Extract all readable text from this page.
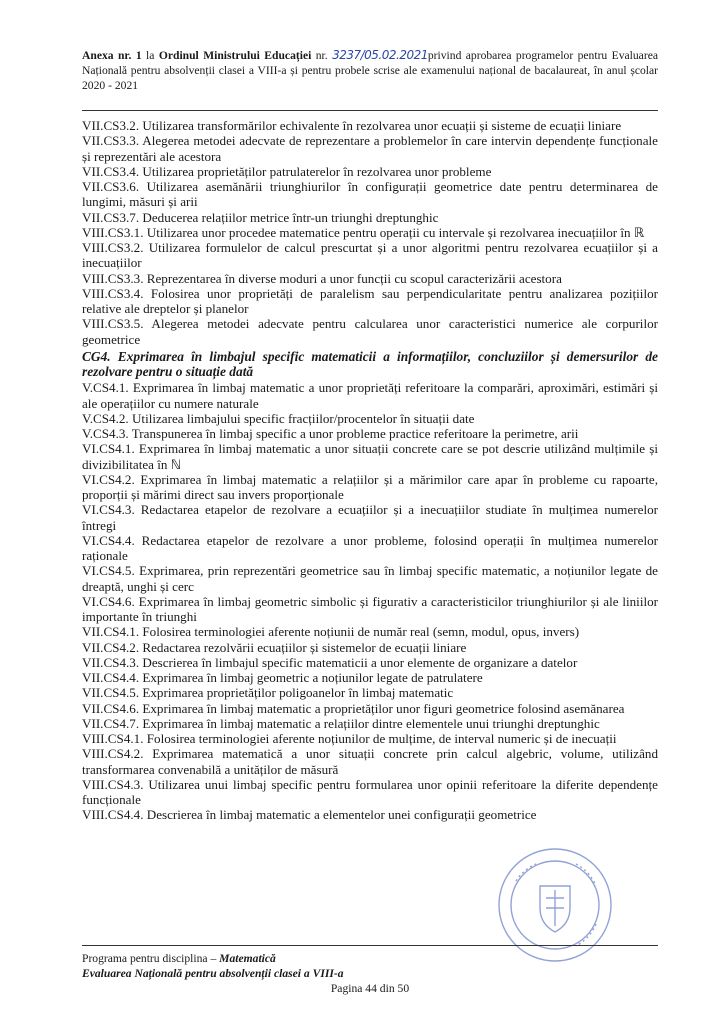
Anexa nr. 1 la Ordinul Ministrului Educației nr. 3237/05.02.2021privind aprobarea programelor pentru Evaluarea Națională pentru absolvenții clasei a VIII-a și pentru probele scrise ale examenului național de bacalaureat, în anul școlar 2020 - 2021

VII.CS3.2. Utilizarea transformărilor echivalente în rezolvarea unor ecuații și sisteme de ecuații liniare

VII.CS3.3. Alegerea metodei adecvate de reprezentare a problemelor în care intervin dependențe funcționale și reprezentări ale acestora

VII.CS3.4. Utilizarea proprietăților patrulaterelor în rezolvarea unor probleme

VII.CS3.6. Utilizarea asemănării triunghiurilor în configurații geometrice date pentru determinarea de lungimi, măsuri și arii

VII.CS3.7. Deducerea relațiilor metrice într-un triunghi dreptunghic

VIII.CS3.1. Utilizarea unor procedee matematice pentru operații cu intervale și rezolvarea inecuațiilor în ℝ

VIII.CS3.2. Utilizarea formulelor de calcul prescurtat și a unor algoritmi pentru rezolvarea ecuațiilor și a inecuațiilor

VIII.CS3.3. Reprezentarea în diverse moduri a unor funcții cu scopul caracterizării acestora

VIII.CS3.4. Folosirea unor proprietăți de paralelism sau perpendicularitate pentru analizarea pozițiilor relative ale dreptelor și planelor

VIII.CS3.5. Alegerea metodei adecvate pentru calcularea unor caracteristici numerice ale corpurilor geometrice

CG4. Exprimarea în limbajul specific matematicii a informațiilor, concluziilor și demersurilor de rezolvare pentru o situație dată

V.CS4.1. Exprimarea în limbaj matematic a unor proprietăți referitoare la comparări, aproximări, estimări și ale operațiilor cu numere naturale

V.CS4.2. Utilizarea limbajului specific fracțiilor/procentelor în situații date

V.CS4.3. Transpunerea în limbaj specific a unor probleme practice referitoare la perimetre, arii

VI.CS4.1. Exprimarea în limbaj matematic a unor situații concrete care se pot descrie utilizând mulțimile și divizibilitatea în ℕ

VI.CS4.2. Exprimarea în limbaj matematic a relațiilor și a mărimilor care apar în probleme cu rapoarte, proporții și mărimi direct sau invers proporționale

VI.CS4.3. Redactarea etapelor de rezolvare a ecuațiilor și a inecuațiilor studiate în mulțimea numerelor întregi

VI.CS4.4. Redactarea etapelor de rezolvare a unor probleme, folosind operații în mulțimea numerelor raționale

VI.CS4.5. Exprimarea, prin reprezentări geometrice sau în limbaj specific matematic, a noțiunilor legate de dreaptă, unghi și cerc

VI.CS4.6. Exprimarea în limbaj geometric simbolic și figurativ a caracteristicilor triunghiurilor și ale liniilor importante în triunghi

VII.CS4.1. Folosirea terminologiei aferente noțiunii de număr real (semn, modul, opus, invers)

VII.CS4.2. Redactarea rezolvării ecuațiilor și sistemelor de ecuații liniare

VII.CS4.3. Descrierea în limbajul specific matematicii a unor elemente de organizare a datelor

VII.CS4.4. Exprimarea în limbaj geometric a noțiunilor legate de patrulatere

VII.CS4.5. Exprimarea proprietăților poligoanelor în limbaj matematic

VII.CS4.6. Exprimarea în limbaj matematic a proprietăților unor figuri geometrice folosind asemănarea

VII.CS4.7. Exprimarea în limbaj matematic a relațiilor dintre elementele unui triunghi dreptunghic

VIII.CS4.1. Folosirea terminologiei aferente noțiunilor de mulțime, de interval numeric și de inecuații

VIII.CS4.2. Exprimarea matematică a unor situații concrete prin calcul algebric, volume, utilizând transformarea convenabilă a unităților de măsură

VIII.CS4.3. Utilizarea unui limbaj specific pentru formularea unor opinii referitoare la diferite dependențe funcționale

VIII.CS4.4. Descrierea în limbaj matematic a elementelor unei configurații geometrice

Programa pentru disciplina – Matematică
Evaluarea Națională pentru absolvenții clasei a VIII-a
Pagina 44 din 50
